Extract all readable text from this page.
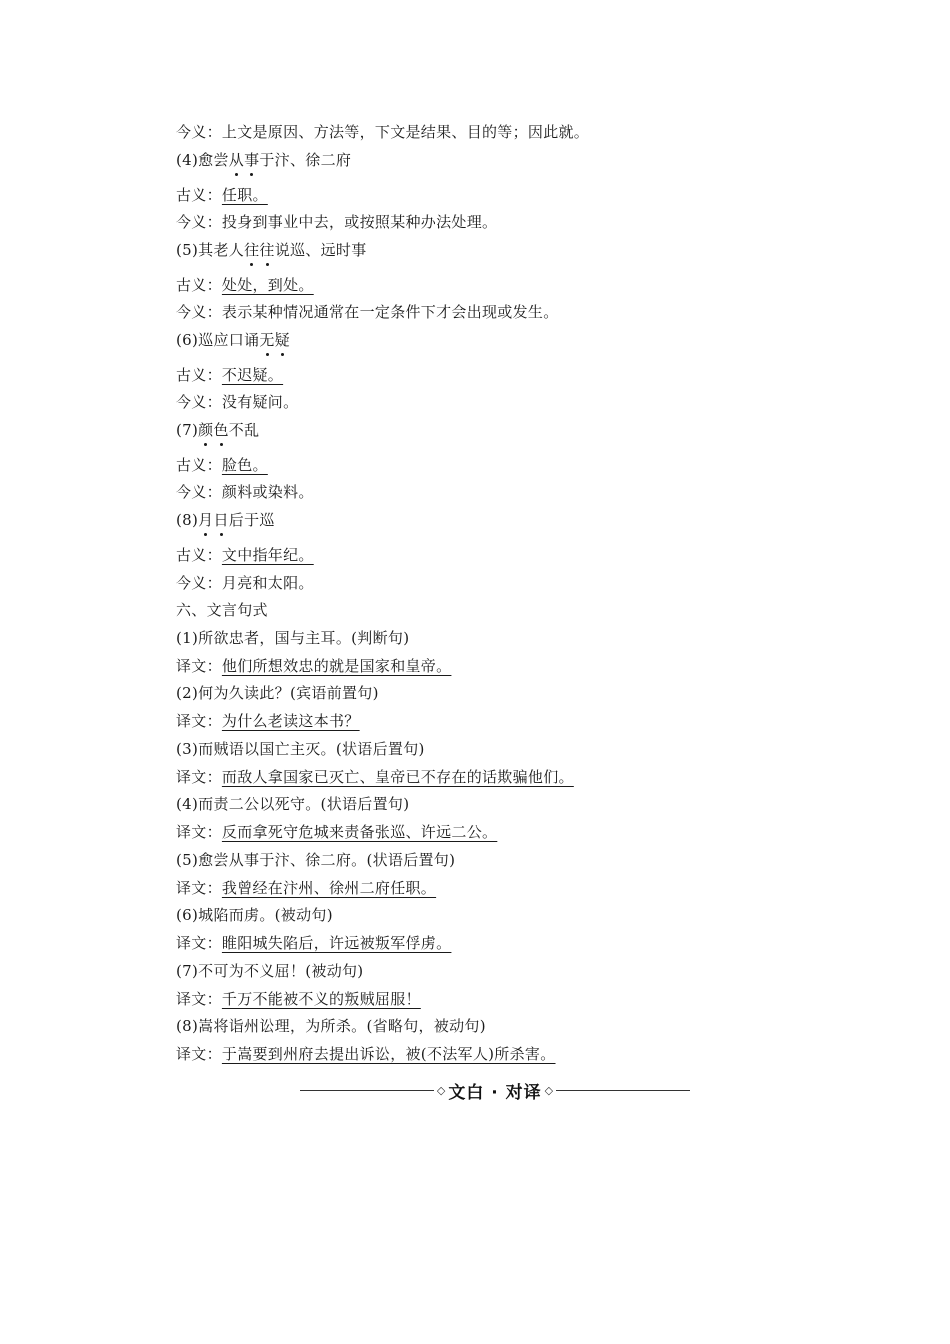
今义：上文是原因、方法等，下文是结果、目的等；因此就。
(4)愈尝从事于汴、徐二府
古义：任职。
今义：投身到事业中去，或按照某种办法处理。
(5)其老人往往说巡、远时事
古义：处处，到处。
今义：表示某种情况通常在一定条件下才会出现或发生。
(6)巡应口诵无疑
古义：不迟疑。
今义：没有疑问。
(7)颜色不乱
古义：脸色。
今义：颜料或染料。
(8)月日后于巡
古义：文中指年纪。
今义：月亮和太阳。
六、文言句式
(1)所欲忠者，国与主耳。(判断句)
译文：他们所想效忠的就是国家和皇帝。
(2)何为久读此？(宾语前置句)
译文：为什么老读这本书？
(3)而贼语以国亡主灭。(状语后置句)
译文：而敌人拿国家已灭亡、皇帝已不存在的话欺骗他们。
(4)而责二公以死守。(状语后置句)
译文：反而拿死守危城来责备张巡、许远二公。
(5)愈尝从事于汴、徐二府。(状语后置句)
译文：我曾经在汴州、徐州二府任职。
(6)城陷而虏。(被动句)
译文：睢阳城失陷后，许远被叛军俘虏。
(7)不可为不义屈！(被动句)
译文：千万不能被不义的叛贼屈服！
(8)嵩将诣州讼理，为所杀。(省略句，被动句)
译文：于嵩要到州府去提出诉讼，被(不法军人)所杀害。
◇ 文白 · 对译 ◇
